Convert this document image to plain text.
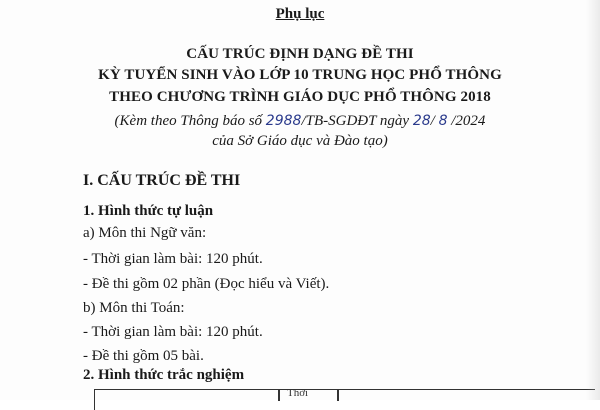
Phụ lục
CẤU TRÚC ĐỊNH DẠNG ĐỀ THI
KỲ TUYỂN SINH VÀO LỚP 10 TRUNG HỌC PHỔ THÔNG
THEO CHƯƠNG TRÌNH GIÁO DỤC PHỔ THÔNG 2018
(Kèm theo Thông báo số 2988/TB-SGDĐT ngày 28/ 8 /2024
của Sở Giáo dục và Đào tạo)
I. CẤU TRÚC ĐỀ THI
1. Hình thức tự luận
a) Môn thi Ngữ văn:
- Thời gian làm bài: 120 phút.
- Đề thi gồm 02 phần (Đọc hiểu và Viết).
b) Môn thi Toán:
- Thời gian làm bài: 120 phút.
- Đề thi gồm 05 bài.
2. Hình thức trắc nghiệm
Thời
